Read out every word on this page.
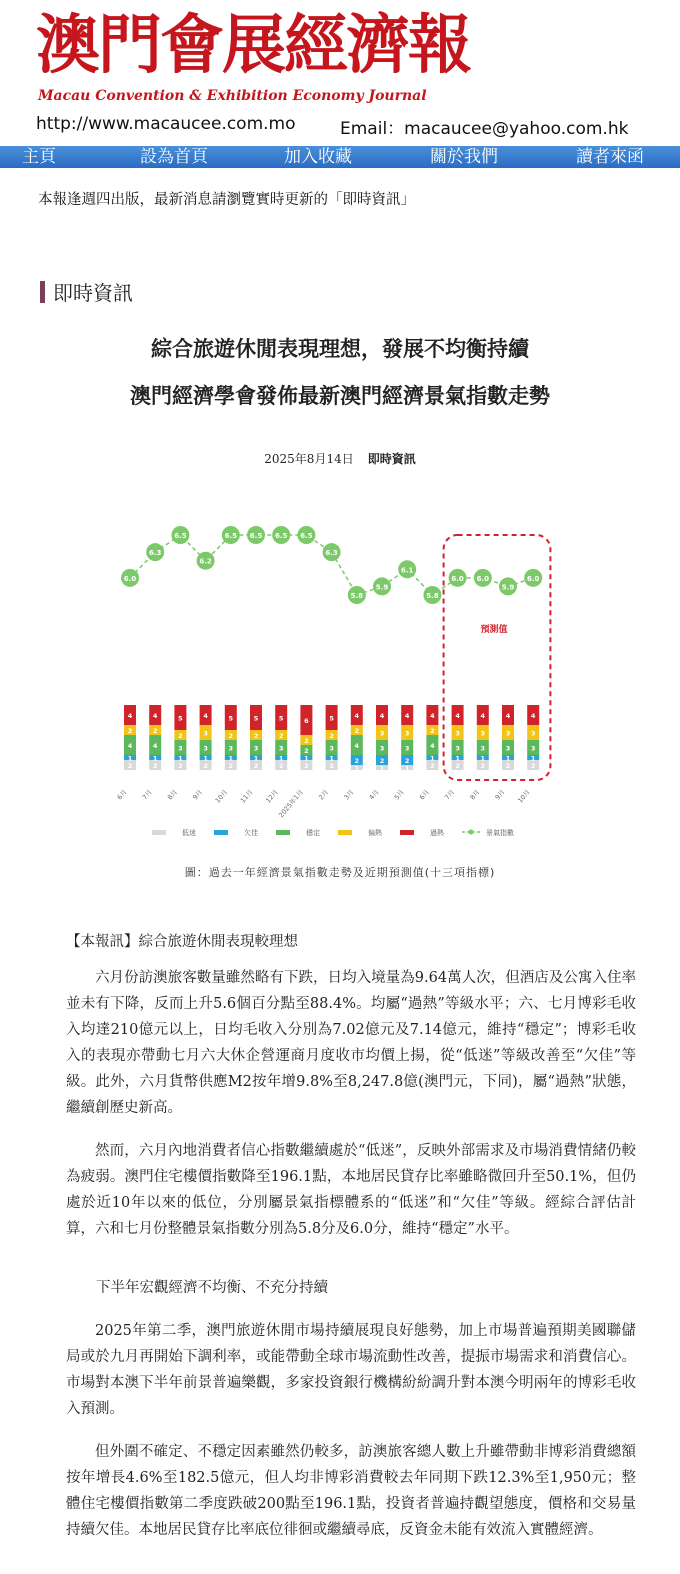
澳門會展經濟報
Macau Convention & Exhibition Economy Journal
http://www.macaucee.com.mo	Email：macaucee@yahoo.com.hk
主頁	設為首頁	加入收藏	關於我們	讀者來函
本報逢週四出版，最新消息請瀏覽實時更新的「即時資訊」
即時資訊
綜合旅遊休閒表現理想，發展不均衡持續
澳門經濟學會發佈最新澳門經濟景氣指數走勢
2025年8月14日 即時資訊
預測值
2
1
4
2
4
6月
2
1
4
2
4
7月
2
1
3
2
5
8月
2
1
3
3
4
9月
2
1
3
2
5
10月
2
1
3
2
5
11月
2
1
3
2
5
12月
2
1
2
2
6
2025年1月
2
1
3
2
5
2月
1
2
4
2
4
3月
1
2
3
3
4
4月
1
2
3
3
4
5月
2
1
4
2
4
6月
2
1
3
3
4
7月
2
1
3
3
4
8月
2
1
3
3
4
9月
2
1
3
3
4
10月
6.0
6.3
6.5
6.2
6.5 6.5 6.5 6.5
6.3
5.8
5.9
6.1
5.8
6.0 6.0
5.9
6.0
低迷	欠佳	穩定	偏熱	過熱	景氣指數
圖：過去一年經濟景氣指數走勢及近期預測值(十三項指標)
【本報訊】綜合旅遊休閒表現較理想

六月份訪澳旅客數量雖然略有下跌，日均入境量為9.64萬人次，但酒店及公寓入住率並未有下降，反而上升5.6個百分點至88.4%。均屬“過熱”等級水平；六、七月博彩毛收入均達210億元以上，日均毛收入分別為7.02億元及7.14億元，維持“穩定”；博彩毛收入的表現亦帶動七月六大休企營運商月度收市均價上揚，從“低迷”等級改善至“欠佳”等級。此外，六月貨幣供應M2按年增9.8%至8,247.8億(澳門元，下同)，屬“過熱”狀態，繼續創歷史新高。

然而，六月內地消費者信心指數繼續處於“低迷”，反映外部需求及市場消費情緒仍較為疲弱。澳門住宅樓價指數降至196.1點，本地居民貸存比率雖略微回升至50.1%，但仍處於近10年以來的低位，分別屬景氣指標體系的“低迷”和“欠佳”等級。經綜合評估計算，六和七月份整體景氣指數分別為5.8分及6.0分，維持“穩定”水平。

下半年宏觀經濟不均衡、不充分持續

2025年第二季，澳門旅遊休閒市場持續展現良好態勢，加上市場普遍預期美國聯儲局或於九月再開始下調利率，或能帶動全球市場流動性改善，提振市場需求和消費信心。市場對本澳下半年前景普遍樂觀，多家投資銀行機構紛紛調升對本澳今明兩年的博彩毛收入預測。

但外圍不確定、不穩定因素雖然仍較多，訪澳旅客總人數上升雖帶動非博彩消費總額按年增長4.6%至182.5億元，但人均非博彩消費較去年同期下跌12.3%至1,950元；整體住宅樓價指數第二季度跌破200點至196.1點，投資者普遍持觀望態度，價格和交易量持續欠佳。本地居民貸存比率底位徘徊或繼續尋底，反資金未能有效流入實體經濟。
